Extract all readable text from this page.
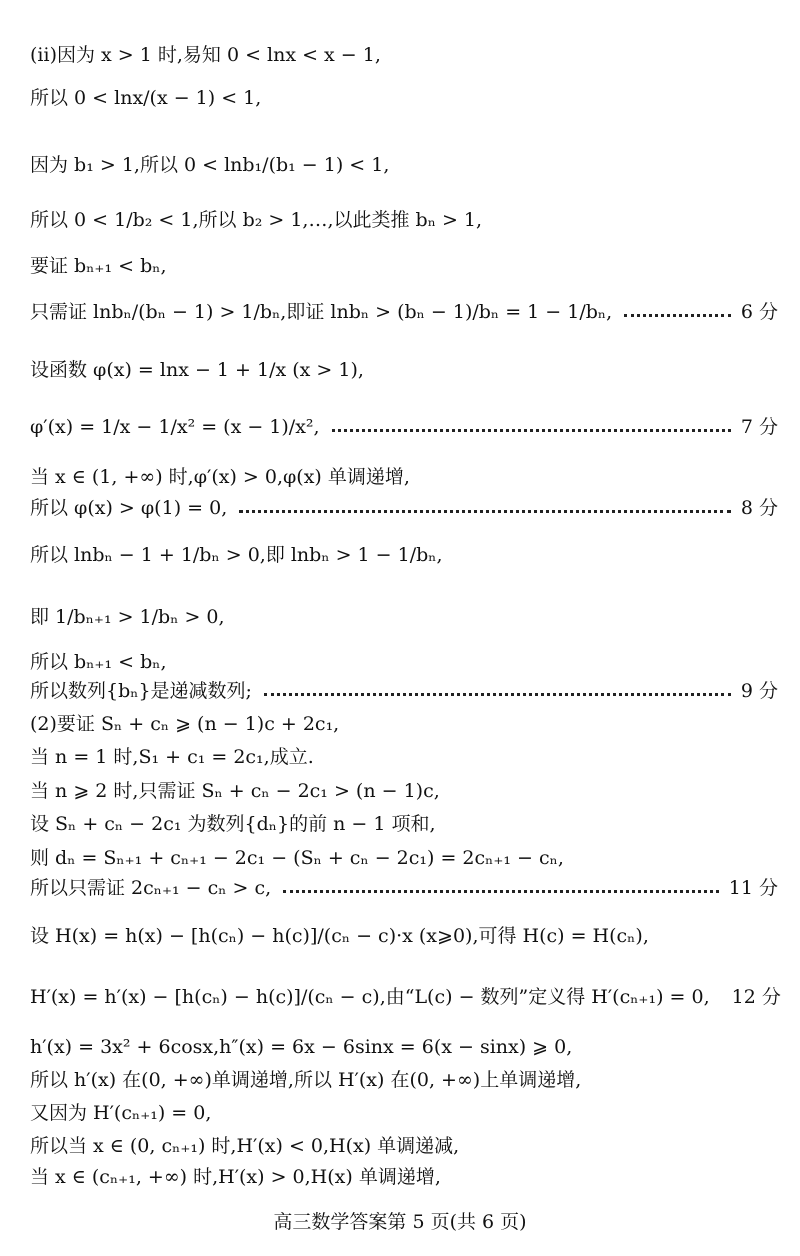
(ⅱ)因为 x > 1 时,易知 0 < lnx < x − 1,
所以 0 < lnx/(x − 1) < 1,
因为 b₁ > 1,所以 0 < lnb₁/(b₁ − 1) < 1,
所以 0 < 1/b₂ < 1,所以 b₂ > 1,…,以此类推 bₙ > 1,
要证 bₙ₊₁ < bₙ,
只需证 lnbₙ/(bₙ − 1) > 1/bₙ,即证 lnbₙ > (bₙ − 1)/bₙ = 1 − 1/bₙ,	6 分
设函数 φ(x) = lnx − 1 + 1/x (x > 1),
φ′(x) = 1/x − 1/x² = (x − 1)/x²,	7 分
当 x ∈ (1, +∞) 时,φ′(x) > 0,φ(x) 单调递增,
所以 φ(x) > φ(1) = 0,	8 分
所以 lnbₙ − 1 + 1/bₙ > 0,即 lnbₙ > 1 − 1/bₙ,
即 1/bₙ₊₁ > 1/bₙ > 0,
所以 bₙ₊₁ < bₙ,
所以数列{bₙ}是递减数列;	9 分
(2)要证 Sₙ + cₙ ⩾ (n − 1)c + 2c₁,
当 n = 1 时,S₁ + c₁ = 2c₁,成立.
当 n ⩾ 2 时,只需证 Sₙ + cₙ − 2c₁ > (n − 1)c,
设 Sₙ + cₙ − 2c₁ 为数列{dₙ}的前 n − 1 项和,
则 dₙ = Sₙ₊₁ + cₙ₊₁ − 2c₁ − (Sₙ + cₙ − 2c₁) = 2cₙ₊₁ − cₙ,
所以只需证 2cₙ₊₁ − cₙ > c,	11 分
设 H(x) = h(x) − [h(cₙ) − h(c)]/(cₙ − c)·x (x⩾0),可得 H(c) = H(cₙ),
H′(x) = h′(x) − [h(cₙ) − h(c)]/(cₙ − c),由“L(c) − 数列”定义得 H′(cₙ₊₁) = 0, 12 分
h′(x) = 3x² + 6cosx,h″(x) = 6x − 6sinx = 6(x − sinx) ⩾ 0,
所以 h′(x) 在(0, +∞)单调递增,所以 H′(x) 在(0, +∞)上单调递增,
又因为 H′(cₙ₊₁) = 0,
所以当 x ∈ (0, cₙ₊₁) 时,H′(x) < 0,H(x) 单调递减,
当 x ∈ (cₙ₊₁, +∞) 时,H′(x) > 0,H(x) 单调递增,
高三数学答案第 5 页(共 6 页)
